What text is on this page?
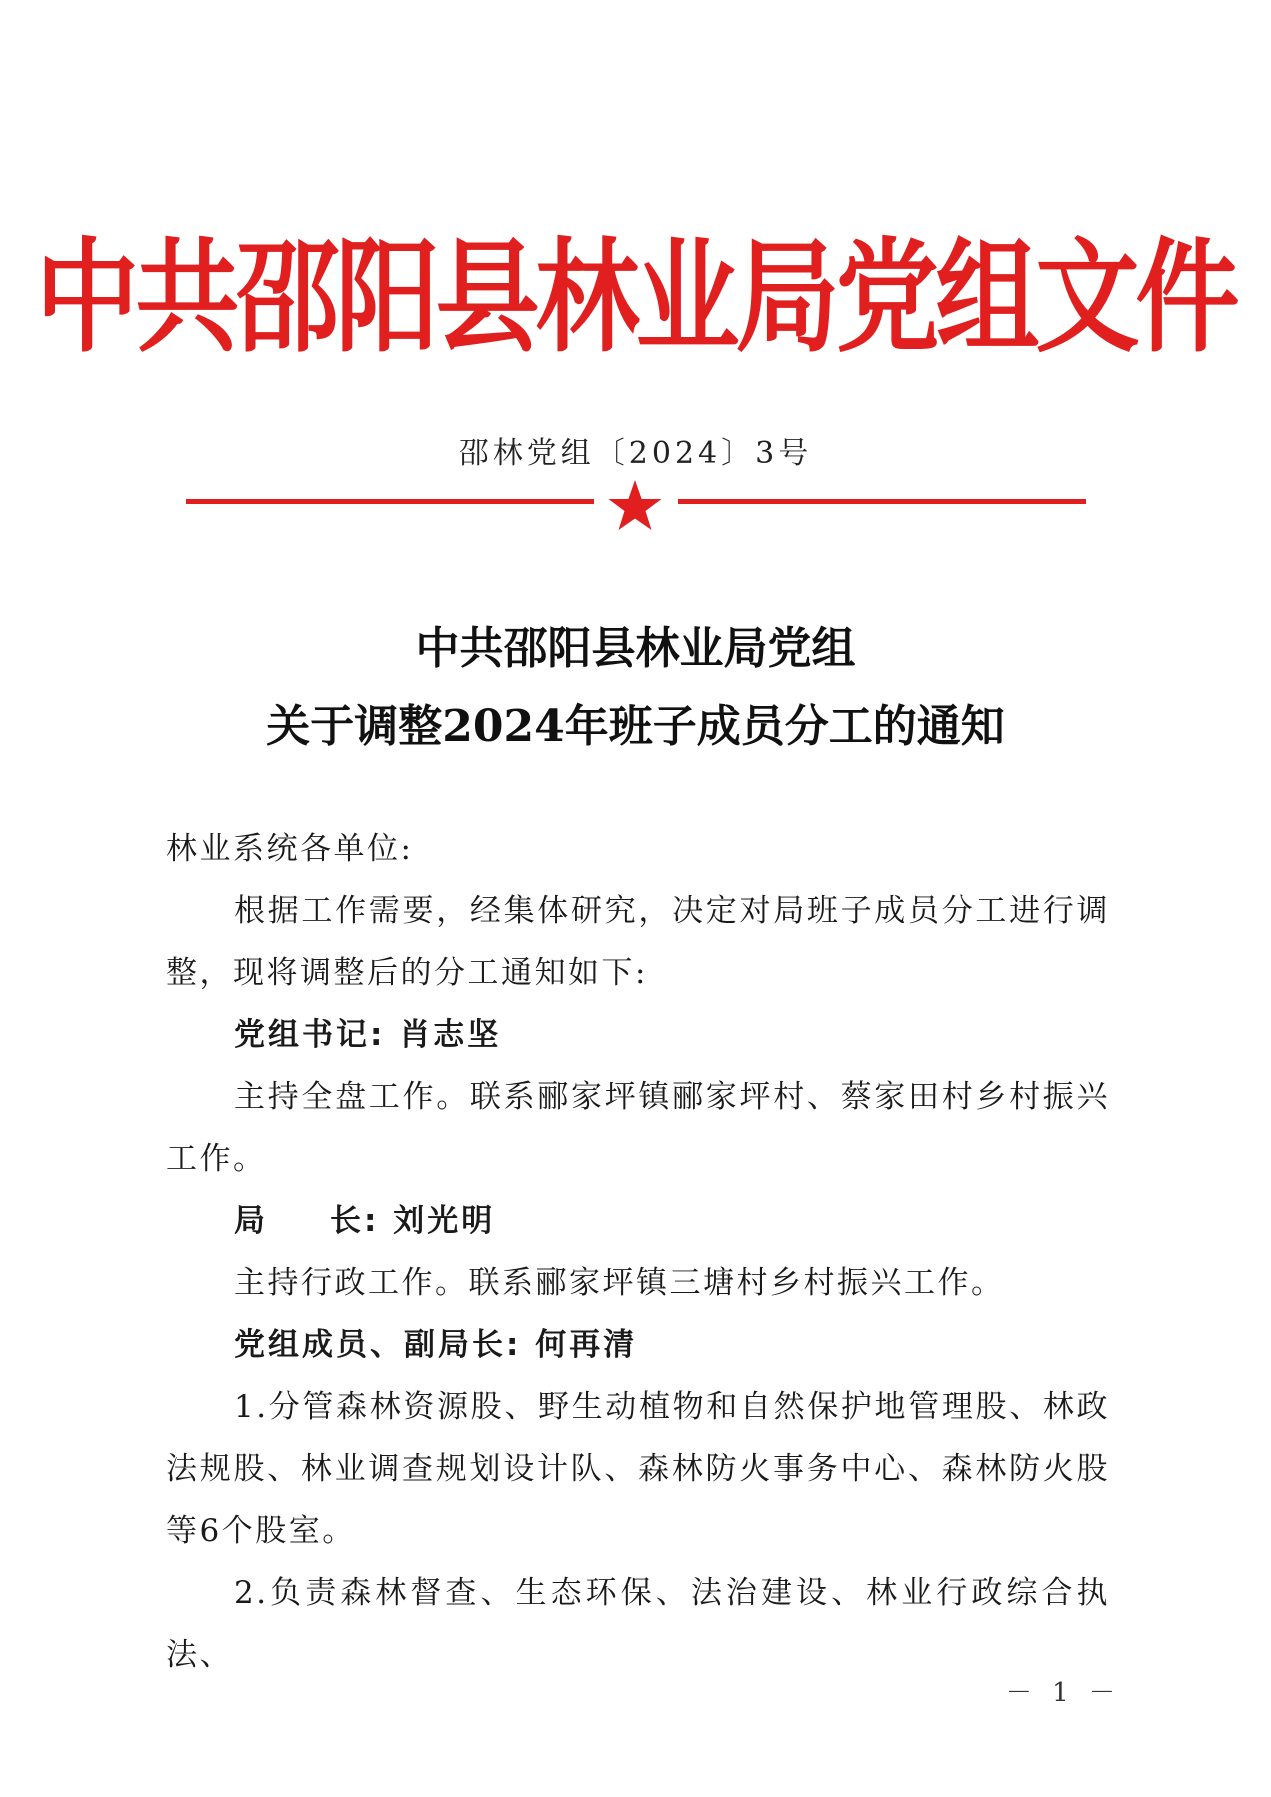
中共邵阳县林业局党组文件
邵林党组〔2024〕3号
中共邵阳县林业局党组
关于调整2024年班子成员分工的通知

林业系统各单位:

根据工作需要，经集体研究，决定对局班子成员分工进行调整，现将调整后的分工通知如下:

党组书记: 肖志坚

主持全盘工作。联系郦家坪镇郦家坪村、蔡家田村乡村振兴工作。

局 长: 刘光明

主持行政工作。联系郦家坪镇三塘村乡村振兴工作。

党组成员、副局长: 何再清

1.分管森林资源股、野生动植物和自然保护地管理股、林政法规股、林业调查规划设计队、森林防火事务中心、森林防火股等6个股室。

2.负责森林督查、生态环保、法治建设、林业行政综合执法、

－ 1 －
